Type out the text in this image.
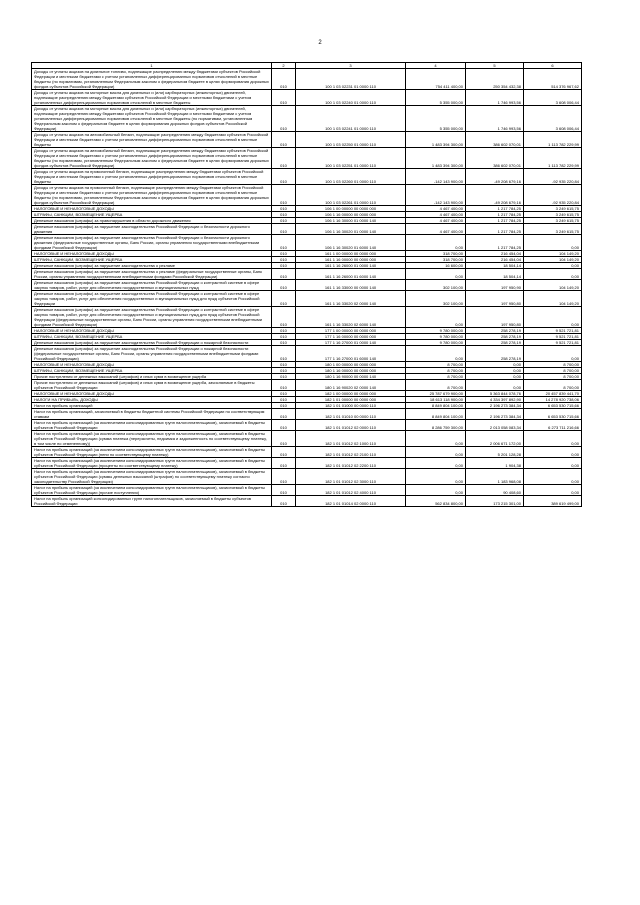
2
1	2	3	4	5	6
Доходы от уплаты акцизов на дизельное топливо, подлежащие распределению между бюджетами субъектов Российской Федерации и местными бюджетами с учетом установленных дифференцированных нормативов отчислений в местные бюджеты (по нормативам, установленным Федеральным законом о федеральном бюджете в целях формирования дорожных фондов субъектов Российской Федерации)	010	100 1 03 02231 01 0000 110	754 411 400,00	250 354 432,38	514 376 967,62
Доходы от уплаты акцизов на моторные масла для дизельных и (или) карбюраторных (инжекторных) двигателей, подлежащие распределению между бюджетами субъектов Российской Федерации и местными бюджетами с учетом установленных дифференцированных нормативов отчислений в местные бюджеты	010	100 1 03 02240 01 0000 110	5 355 000,00	1 746 993,56	3 608 006,44
Доходы от уплаты акцизов на моторные масла для дизельных и (или) карбюраторных (инжекторных) двигателей, подлежащие распределению между бюджетами субъектов Российской Федерации и местными бюджетами с учетом установленных дифференцированных нормативов отчислений в местные бюджеты (по нормативам, установленным Федеральным законом о федеральном бюджете в целях формирования дорожных фондов субъектов Российской Федерации)	010	100 1 03 02241 01 0000 110	5 355 000,00	1 746 993,56	3 608 006,44
Доходы от уплаты акцизов на автомобильный бензин, подлежащие распределению между бюджетами субъектов Российской Федерации и местными бюджетами с учетом установленных дифференцированных нормативов отчислений в местные бюджеты	010	100 1 03 02250 01 0000 110	1 483 394 300,00	386 602 070,01	1 113 782 229,99
Доходы от уплаты акцизов на автомобильный бензин, подлежащие распределению между бюджетами субъектов Российской Федерации и местными бюджетами с учетом установленных дифференцированных нормативов отчислений в местные бюджеты (по нормативам, установленным Федеральным законом о федеральном бюджете в целях формирования дорожных фондов субъектов Российской Федерации)	010	100 1 03 02251 01 0000 110	1 483 394 300,00	386 602 070,01	1 113 782 229,99
Доходы от уплаты акцизов на прямогонный бензин, подлежащие распределению между бюджетами субъектов Российской Федерации и местными бюджетами с учетом установленных дифференцированных нормативов отчислений в местные бюджеты	010	100 1 03 02260 01 0000 110	-142 143 900,00	-49 208 679,16	-92 935 220,84
Доходы от уплаты акцизов на прямогонный бензин, подлежащие распределению между бюджетами субъектов Российской Федерации и местными бюджетами с учетом установленных дифференцированных нормативов отчислений в местные бюджеты (по нормативам, установленным Федеральным законом о федеральном бюджете в целях формирования дорожных фондов субъектов Российской Федерации)	010	100 1 03 02261 01 0000 110	-142 143 900,00	-49 208 679,16	-92 935 220,84
НАЛОГОВЫЕ И НЕНАЛОГОВЫЕ ДОХОДЫ	010	106 1 00 00000 00 0000 000	4 467 400,00	1 217 784,25	3 249 615,75
ШТРАФЫ, САНКЦИИ, ВОЗМЕЩЕНИЕ УЩЕРБА	010	106 1 16 00000 00 0000 000	4 467 400,00	1 217 784,25	3 249 615,75
Денежные взыскания (штрафы) за правонарушения в области дорожного движения	010	106 1 16 30000 01 0000 140	4 467 400,00	1 217 784,25	3 249 615,75
Денежные взыскания (штрафы) за нарушение законодательства Российской Федерации о безопасности дорожного движения	010	106 1 16 30020 01 0000 140	4 467 400,00	1 217 784,25	3 249 615,75
Денежные взыскания (штрафы) за нарушение законодательства Российской Федерации о безопасности дорожного движения (федеральные государственные органы, Банк России, органы управления государственными внебюджетными фондами Российской Федерации)	010	106 1 16 30020 01 6000 140	0,00	1 217 784,25	0,00
НАЛОГОВЫЕ И НЕНАЛОГОВЫЕ ДОХОДЫ	010	161 1 00 00000 00 0000 000	318 700,00	216 454,04	104 149,20
ШТРАФЫ, САНКЦИИ, ВОЗМЕЩЕНИЕ УЩЕРБА	010	161 1 16 00000 00 0000 000	318 700,00	216 454,04	104 149,20
Денежные взыскания (штрафы) за нарушение законодательства о рекламе	010	161 1 16 26000 01 0000 140	16 600,00	18 504,14	0,00
Денежные взыскания (штрафы) за нарушение законодательства о рекламе (федеральные государственные органы, Банк России, органы управления государственными внебюджетными фондами Российской Федерации)	010	161 1 16 26000 01 6000 140	0,00	18 504,14	0,00
Денежные взыскания (штрафы) за нарушение законодательства Российской Федерации о контрактной системе в сфере закупок товаров, работ, услуг для обеспечения государственных и муниципальных нужд	010	161 1 16 33000 00 0000 140	302 100,00	197 950,90	104 149,20
Денежные взыскания (штрафы) за нарушение законодательства Российской Федерации о контрактной системе в сфере закупок товаров, работ, услуг для обеспечения государственных и муниципальных нужд для нужд субъектов Российской Федерации	010	161 1 16 33020 02 0000 140	302 100,00	197 950,80	104 149,20
Денежные взыскания (штрафы) за нарушение законодательства Российской Федерации о контрактной системе в сфере закупок товаров, работ, услуг для обеспечения государственных и муниципальных нужд для нужд субъектов Российской Федерации (федеральные государственные органы, Банк России, органы управления государственными внебюджетными фондами Российской Федерации)	010	161 1 16 33020 02 6000 140	0,00	197 950,80	0,00
НАЛОГОВЫЕ И НЕНАЛОГОВЫЕ ДОХОДЫ	010	177 1 00 00000 00 0000 000	9 780 000,00	258 278,19	9 521 721,81
ШТРАФЫ, САНКЦИИ, ВОЗМЕЩЕНИЕ УЩЕРБА	010	177 1 16 00000 00 0000 000	9 780 000,00	258 278,19	9 521 721,81
Денежные взыскания (штрафы) за нарушение законодательства Российской Федерации о пожарной безопасности	010	177 1 16 27000 01 0000 140	9 780 000,00	258 278,19	9 521 721,81
Денежные взыскания (штрафы) за нарушение законодательства Российской Федерации о пожарной безопасности (федеральные государственные органы, Банк России, органы управления государственными внебюджетными фондами Российской Федерации)	010	177 1 16 27000 01 6000 140	0,00	258 278,19	0,00
НАЛОГОВЫЕ И НЕНАЛОГОВЫЕ ДОХОДЫ	010	180 1 00 00000 00 0000 000	8 700,00	0,00	8 700,00
ШТРАФЫ, САНКЦИИ, ВОЗМЕЩЕНИЕ УЩЕРБА	010	180 1 16 00000 00 0000 000	8 700,00	0,00	8 700,00
Прочие поступления от денежных взысканий (штрафов) и иных сумм в возмещение ущерба	010	180 1 16 90000 00 0000 140	8 700,00	0,00	8 700,00
Прочие поступления от денежных взысканий (штрафов) и иных сумм в возмещение ущерба, зачисляемые в бюджеты субъектов Российской Федерации	010	180 1 16 90020 02 0000 140	8 700,00	0,00	8 700,00
НАЛОГОВЫЕ И НЕНАЛОГОВЫЕ ДОХОДЫ	010	182 1 00 00000 00 0000 000	25 787 679 900,00	5 363 844 078,76	20 457 839 441,70
НАЛОГИ НА ПРИБЫЛЬ, ДОХОДЫ	010	182 1 01 00000 00 0000 000	18 613 118 900,00	4 334 397 892,90	14 278 920 738,06
Налог на прибыль организаций	010	182 1 01 01000 00 0000 110	8 849 804 100,00	2 196 273 384,34	6 653 530 715,66
Налог на прибыль организаций, зачисляемый в бюджеты бюджетной системы Российской Федерации по соответствующим ставкам	010	182 1 01 01010 00 0000 110	8 849 804 100,00	2 196 273 384,34	6 653 530 715,66
Налог на прибыль организаций (за исключением консолидированных групп налогоплательщиков), зачисляемый в бюджеты субъектов Российской Федерации	010	182 1 01 01012 02 0000 110	8 286 759 300,00	2 013 058 083,34	6 273 711 216,66
Налог на прибыль организаций (за исключением консолидированных групп налогоплательщиков), зачисляемый в бюджеты субъектов Российской Федерации (сумма платежа (перерасчеты, недоимка и задолженность по соответствующему платежу, в том числе по отмененному))	010	182 1 01 01012 02 1000 110	0,00	2 006 671 172,00	0,00
Налог на прибыль организаций (за исключением консолидированных групп налогоплательщиков), зачисляемый в бюджеты субъектов Российской Федерации (пени по соответствующему платежу)	010	182 1 01 01012 02 2100 110	0,00	5 201 128,28	0,00
Налог на прибыль организаций (за исключением консолидированных групп налогоплательщиков), зачисляемый в бюджеты субъектов Российской Федерации (проценты по соответствующему платежу)	010	182 1 01 01012 02 2200 110	0,00	1 904,38	0,00
Налог на прибыль организаций (за исключением консолидированных групп налогоплательщиков), зачисляемый в бюджеты субъектов Российской Федерации (суммы денежных взысканий (штрафов) по соответствующему платежу согласно законодательству Российской Федерации)	010	182 1 01 01012 02 3000 110	0,00	1 183 968,08	0,00
Налог на прибыль организаций (за исключением консолидированных групп налогоплательщиков), зачисляемый в бюджеты субъектов Российской Федерации (прочие поступления)	010	182 1 01 01012 02 4000 110	0,00	90 408,60	0,00
Налог на прибыль организаций консолидированных групп налогоплательщиков, зачисляемый в бюджеты субъектов Российской Федерации	010	182 1 01 01014 02 0000 110	562 834 800,00	173 215 301,00	389 619 499,00
